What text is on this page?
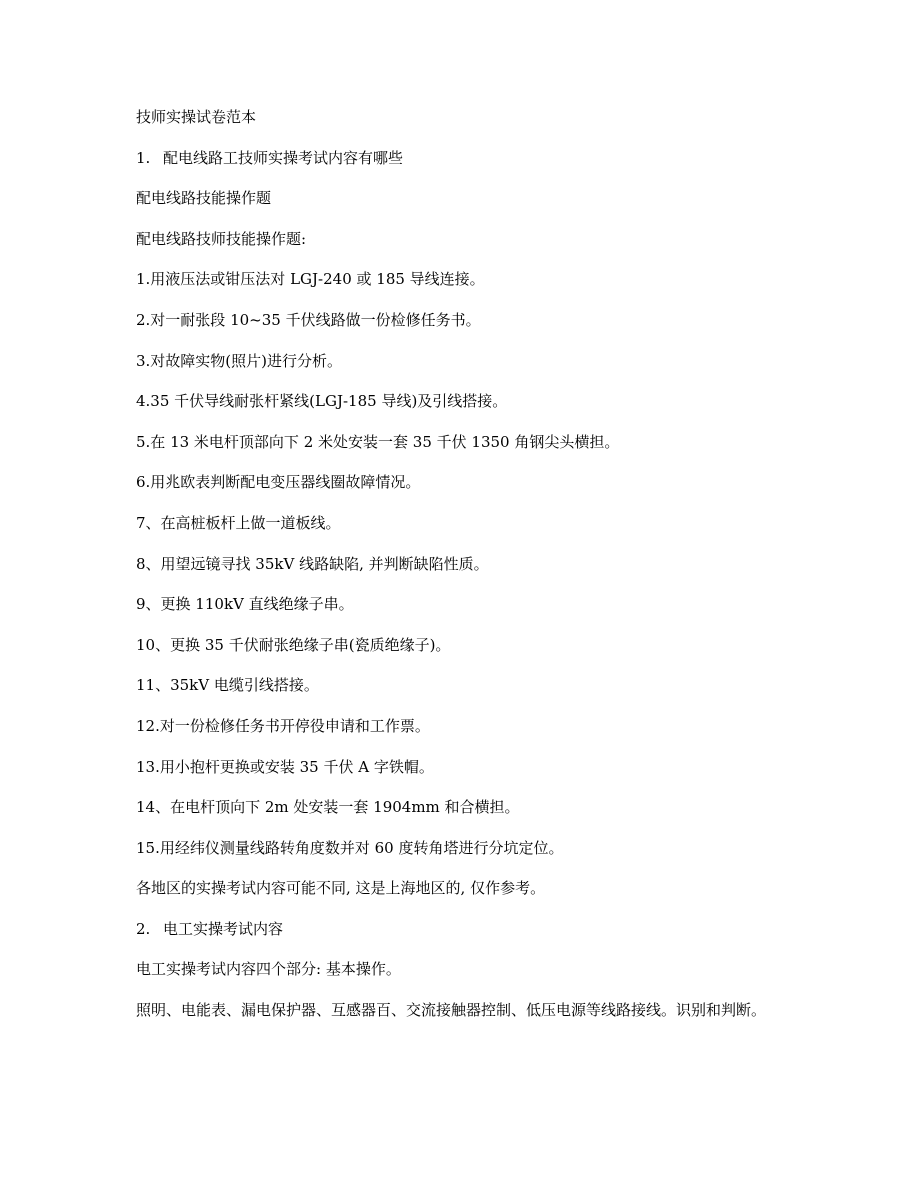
技师实操试卷范本
1. 配电线路工技师实操考试内容有哪些
配电线路技能操作题
配电线路技师技能操作题:
1.用液压法或钳压法对 LGJ-240 或 185 导线连接。
2.对一耐张段 10~35 千伏线路做一份检修任务书。
3.对故障实物(照片)进行分析。
4.35 千伏导线耐张杆紧线(LGJ-185 导线)及引线搭接。
5.在 13 米电杆顶部向下 2 米处安装一套 35 千伏 1350 角钢尖头横担。
6.用兆欧表判断配电变压器线圈故障情况。
7、在高桩板杆上做一道板线。
8、用望远镜寻找 35kV 线路缺陷, 并判断缺陷性质。
9、更换 110kV 直线绝缘子串。
10、更换 35 千伏耐张绝缘子串(瓷质绝缘子)。
11、35kV 电缆引线搭接。
12.对一份检修任务书开停役申请和工作票。
13.用小抱杆更换或安装 35 千伏 A 字铁帽。
14、在电杆顶向下 2m 处安装一套 1904mm 和合横担。
15.用经纬仪测量线路转角度数并对 60 度转角塔进行分坑定位。
各地区的实操考试内容可能不同, 这是上海地区的, 仅作参考。
2. 电工实操考试内容
电工实操考试内容四个部分: 基本操作。
照明、电能表、漏电保护器、互感器百、交流接触器控制、低压电源等线路接线。识别和判断。
